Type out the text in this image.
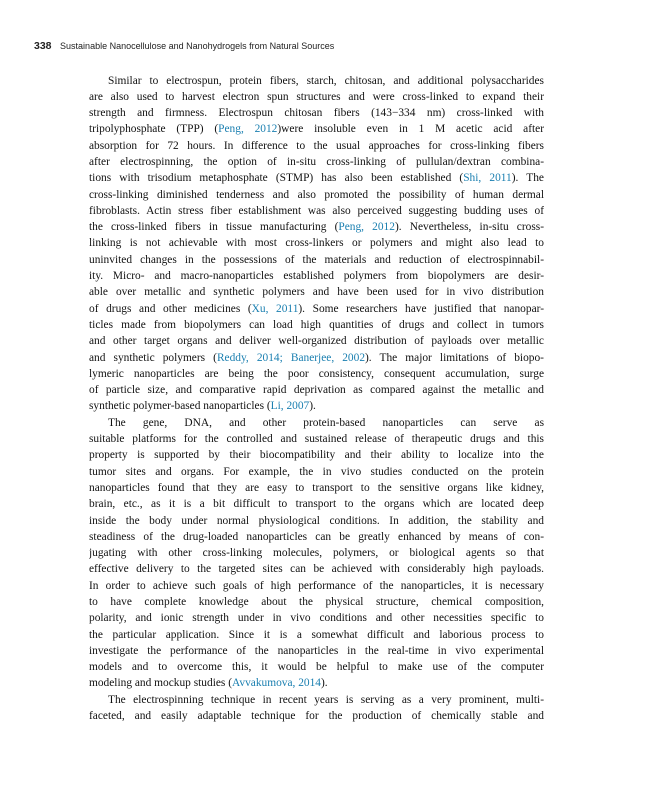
338 Sustainable Nanocellulose and Nanohydrogels from Natural Sources
Similar to electrospun, protein fibers, starch, chitosan, and additional polysaccharides
are also used to harvest electron spun structures and were cross-linked to expand their
strength and firmness. Electrospun chitosan fibers (143−334 nm) cross-linked with
tripolyphosphate (TPP) (Peng, 2012)were insoluble even in 1 M acetic acid after
absorption for 72 hours. In difference to the usual approaches for cross-linking fibers
after electrospinning, the option of in-situ cross-linking of pullulan/dextran combina-
tions with trisodium metaphosphate (STMP) has also been established (Shi, 2011). The
cross-linking diminished tenderness and also promoted the possibility of human dermal
fibroblasts. Actin stress fiber establishment was also perceived suggesting budding uses of
the cross-linked fibers in tissue manufacturing (Peng, 2012). Nevertheless, in-situ cross-
linking is not achievable with most cross-linkers or polymers and might also lead to
uninvited changes in the possessions of the materials and reduction of electrospinnabil-
ity. Micro- and macro-nanoparticles established polymers from biopolymers are desir-
able over metallic and synthetic polymers and have been used for in vivo distribution
of drugs and other medicines (Xu, 2011). Some researchers have justified that nanopar-
ticles made from biopolymers can load high quantities of drugs and collect in tumors
and other target organs and deliver well-organized distribution of payloads over metallic
and synthetic polymers (Reddy, 2014; Banerjee, 2002). The major limitations of biopo-
lymeric nanoparticles are being the poor consistency, consequent accumulation, surge
of particle size, and comparative rapid deprivation as compared against the metallic and
synthetic polymer-based nanoparticles (Li, 2007).
The gene, DNA, and other protein-based nanoparticles can serve as
suitable platforms for the controlled and sustained release of therapeutic drugs and this
property is supported by their biocompatibility and their ability to localize into the
tumor sites and organs. For example, the in vivo studies conducted on the protein
nanoparticles found that they are easy to transport to the sensitive organs like kidney,
brain, etc., as it is a bit difficult to transport to the organs which are located deep
inside the body under normal physiological conditions. In addition, the stability and
steadiness of the drug-loaded nanoparticles can be greatly enhanced by means of con-
jugating with other cross-linking molecules, polymers, or biological agents so that
effective delivery to the targeted sites can be achieved with considerably high payloads.
In order to achieve such goals of high performance of the nanoparticles, it is necessary
to have complete knowledge about the physical structure, chemical composition,
polarity, and ionic strength under in vivo conditions and other necessities specific to
the particular application. Since it is a somewhat difficult and laborious process to
investigate the performance of the nanoparticles in the real-time in vivo experimental
models and to overcome this, it would be helpful to make use of the computer
modeling and mockup studies (Avvakumova, 2014).
The electrospinning technique in recent years is serving as a very prominent, multi-
faceted, and easily adaptable technique for the production of chemically stable and
